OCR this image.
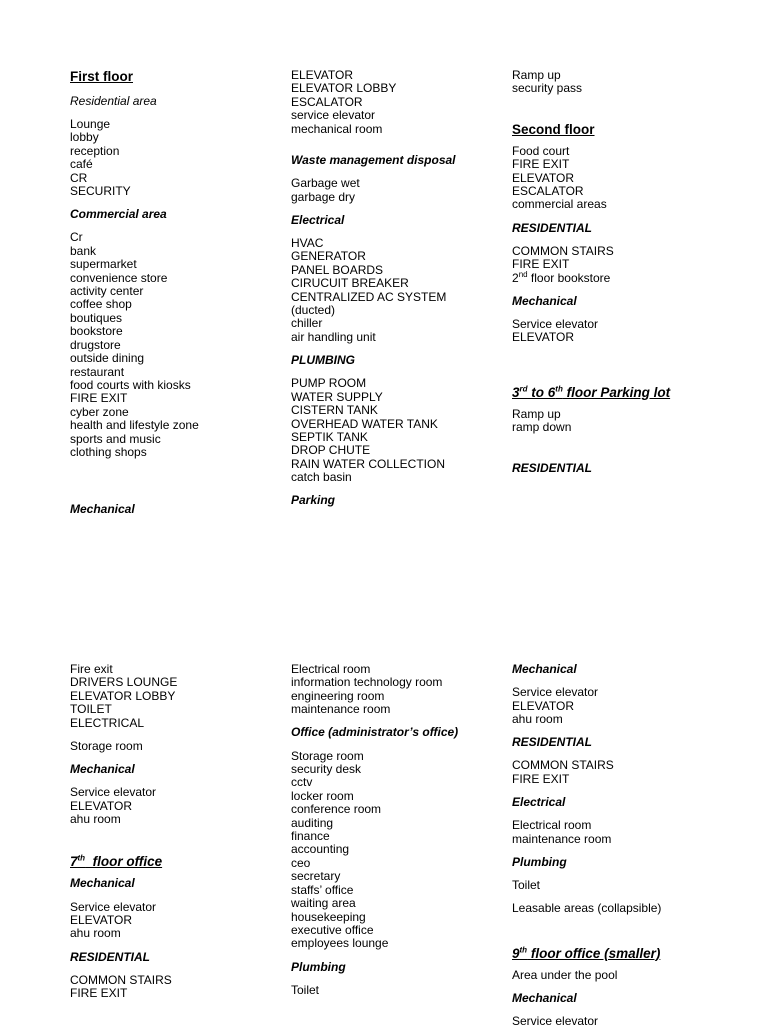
First floor
Residential area
Lounge
lobby
reception
café
CR
SECURITY
Commercial area
Cr
bank
supermarket
convenience store
activity center
coffee shop
boutiques
bookstore
drugstore
outside dining
restaurant
food courts with kiosks
FIRE EXIT
cyber zone
health and lifestyle zone
sports and music
clothing shops
Mechanical
ELEVATOR
ELEVATOR LOBBY
ESCALATOR
service elevator
mechanical room
Waste management disposal
Garbage wet
garbage dry
Electrical
HVAC
GENERATOR
PANEL BOARDS
CIRUCUIT BREAKER
CENTRALIZED AC SYSTEM
(ducted)
chiller
air handling unit
PLUMBING
PUMP ROOM
WATER SUPPLY
CISTERN TANK
OVERHEAD WATER TANK
SEPTIK TANK
DROP CHUTE
RAIN WATER COLLECTION
catch basin
Parking
Ramp up
security pass
Second floor
Food court
FIRE EXIT
ELEVATOR
ESCALATOR
commercial areas
RESIDENTIAL
COMMON STAIRS
FIRE EXIT
2nd floor bookstore
Mechanical
Service elevator
ELEVATOR
3rd to 6th floor Parking lot
Ramp up
ramp down
RESIDENTIAL
Fire exit
DRIVERS LOUNGE
ELEVATOR LOBBY
TOILET
ELECTRICAL
Storage room
Mechanical
Service elevator
ELEVATOR
ahu room
7th  floor office
Mechanical
Service elevator
ELEVATOR
ahu room
RESIDENTIAL
COMMON STAIRS
FIRE EXIT
Electrical room
information technology room
engineering room
maintenance room
Office (administrator’s office)
Storage room
security desk
cctv
locker room
conference room
auditing
finance
accounting
ceo
secretary
staffs’ office
waiting area
housekeeping
executive office
employees lounge
Plumbing
Toilet
Mechanical
Service elevator
ELEVATOR
ahu room
RESIDENTIAL
COMMON STAIRS
FIRE EXIT
Electrical
Electrical room
maintenance room
Plumbing
Toilet
Leasable areas (collapsible)
9th floor office (smaller)
Area under the pool
Mechanical
Service elevator
